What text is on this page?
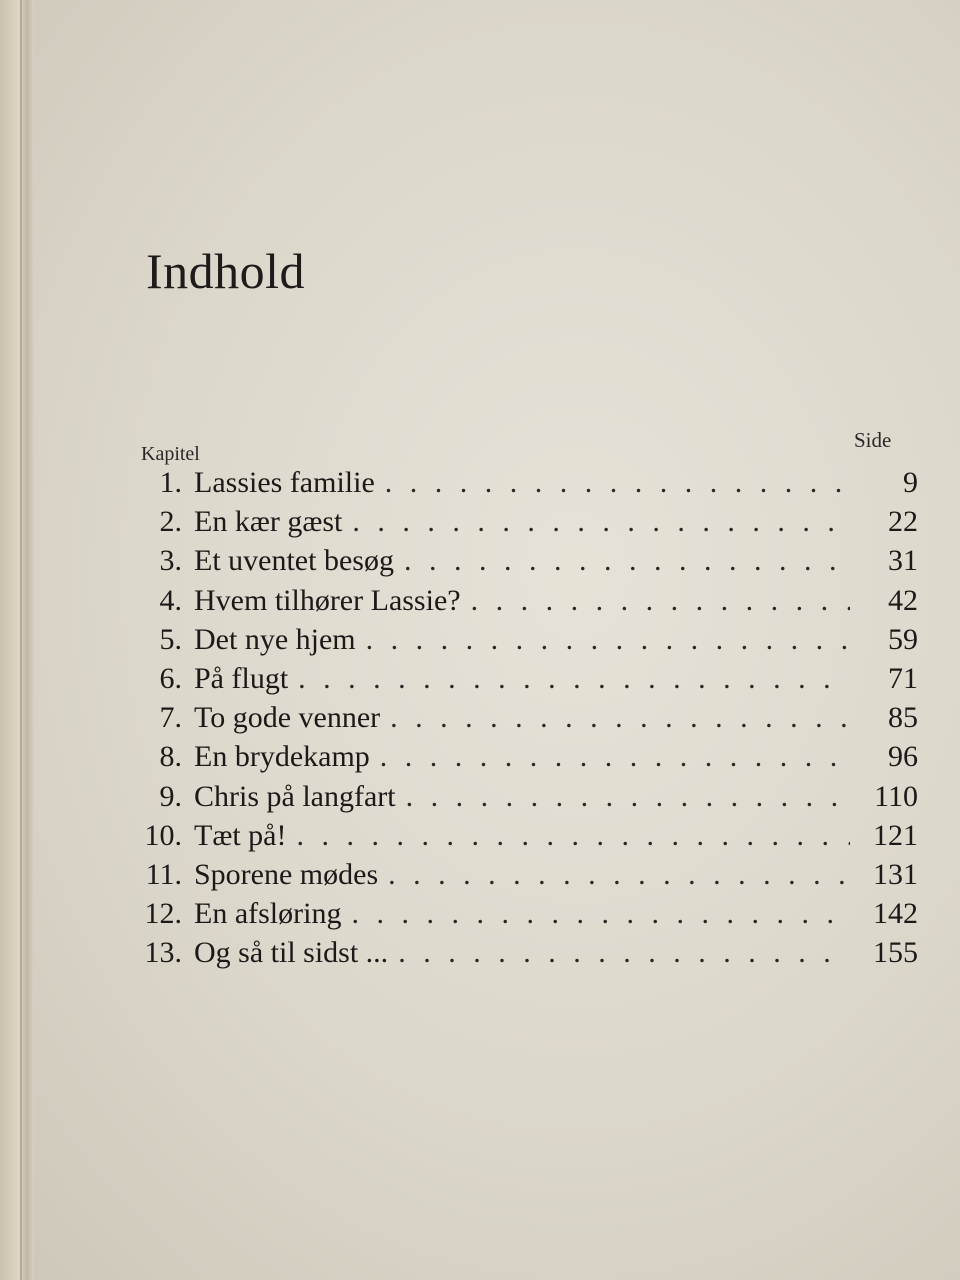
Indhold
Kapitel
Side
1. Lassies familie . . .	9
2. En kær gæst . . .	22
3. Et uventet besøg . . .	31
4. Hvem tilhører Lassie? . . .	42
5. Det nye hjem . . .	59
6. På flugt . . .	71
7. To gode venner . . .	85
8. En brydekamp . . .	96
9. Chris på langfart . . .	110
10. Tæt på! . . .	121
11. Sporene mødes . . .	131
12. En afsløring . . .	142
13. Og så til sidst ... . . .	155
